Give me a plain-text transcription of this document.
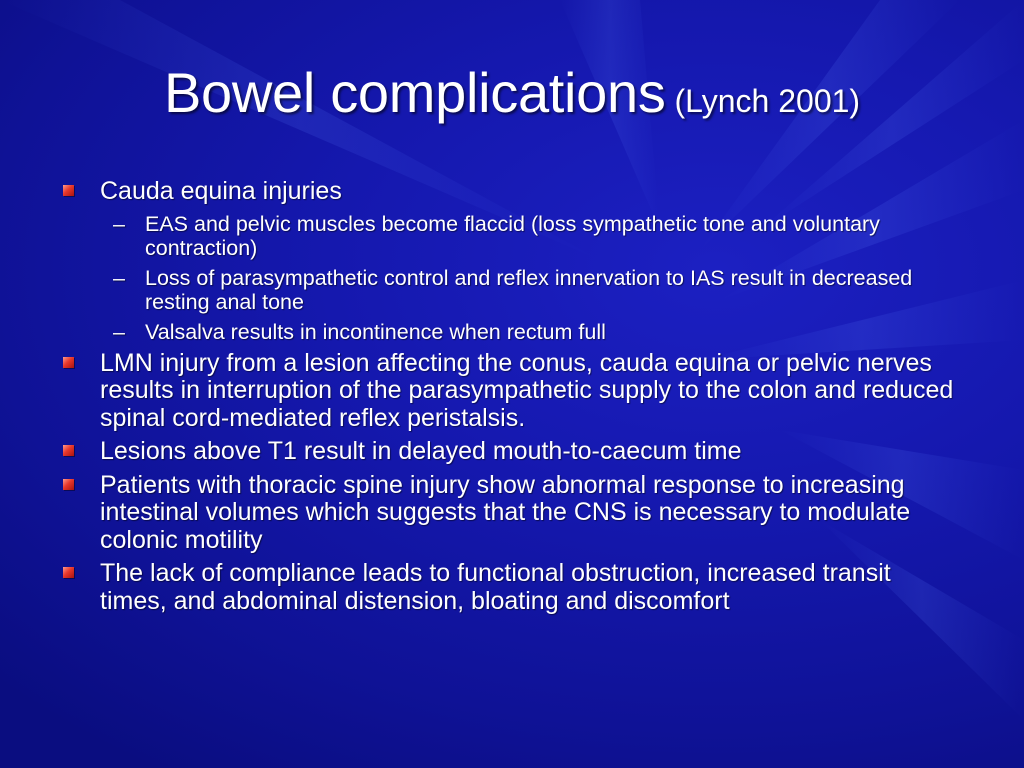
Bowel complications (Lynch 2001)
Cauda equina injuries
– EAS and pelvic muscles become flaccid (loss sympathetic tone and voluntary contraction)
– Loss of parasympathetic control and reflex innervation to IAS result in decreased resting anal tone
– Valsalva results in incontinence when rectum full
LMN injury from a lesion affecting the conus, cauda equina or pelvic nerves results in interruption of the parasympathetic supply to the colon and reduced spinal cord-mediated reflex peristalsis.
Lesions above T1 result in delayed mouth-to-caecum time
Patients with thoracic spine injury show abnormal response to increasing intestinal volumes which suggests that the CNS is necessary to modulate colonic motility
The lack of compliance leads to functional obstruction, increased transit times, and abdominal distension, bloating and discomfort
